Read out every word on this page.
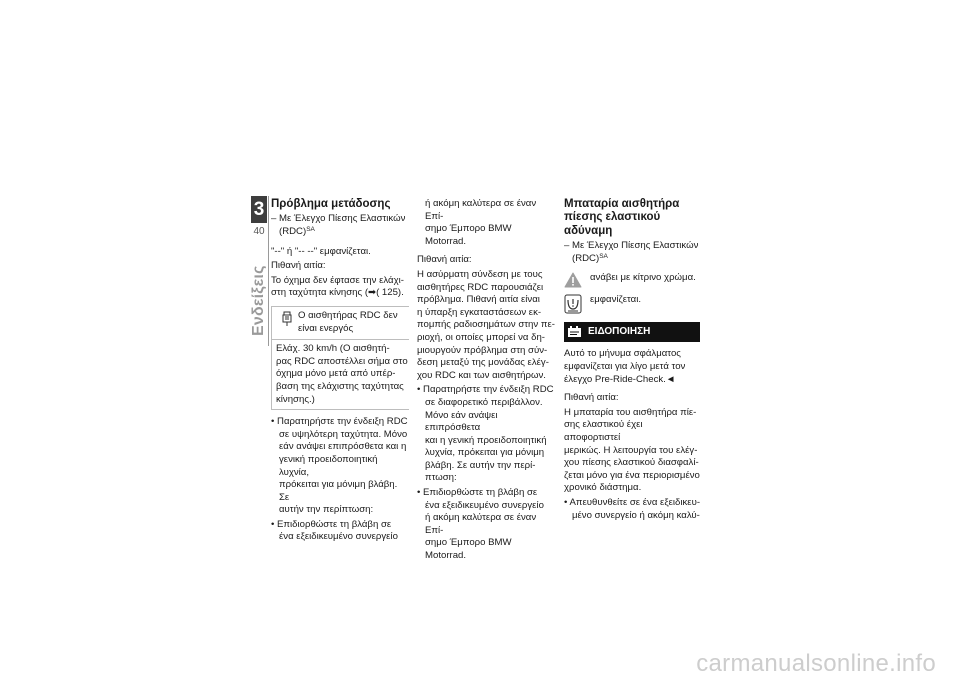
3
40
Ενδείξεις
Πρόβλημα μετάδοσης
– Με Έλεγχο Πίεσης Ελαστικών
(RDC)$^{SA}$
"--" ή "-- --" εμφανίζεται.
Πιθανή αιτία:
Το όχημα δεν έφτασε την ελάχι-
στη ταχύτητα κίνησης (➡( 125).
Ο αισθητήρας RDC δεν
είναι ενεργός
Ελάχ. 30 km/h (Ο αισθητή-
ρας RDC αποστέλλει σήμα στο
όχημα μόνο μετά από υπέρ-
βαση της ελάχιστης ταχύτητας
κίνησης.)
• Παρατηρήστε την ένδειξη RDC
σε υψηλότερη ταχύτητα. Μόνο
εάν ανάψει επιπρόσθετα και η
γενική προειδοποιητική λυχνία,
πρόκειται για μόνιμη βλάβη. Σε
αυτήν την περίπτωση:
• Επιδιορθώστε τη βλάβη σε
ένα εξειδικευμένο συνεργείο
ή ακόμη καλύτερα σε έναν Επί-
σημο Έμπορο BMW Motorrad.
Πιθανή αιτία:
Η ασύρματη σύνδεση με τους
αισθητήρες RDC παρουσιάζει
πρόβλημα. Πιθανή αιτία είναι
η ύπαρξη εγκαταστάσεων εκ-
πομπής ραδιοσημάτων στην πε-
ριοχή, οι οποίες μπορεί να δη-
μιουργούν πρόβλημα στη σύν-
δεση μεταξύ της μονάδας ελέγ-
χου RDC και των αισθητήρων.
• Παρατηρήστε την ένδειξη RDC
σε διαφορετικό περιβάλλον.
Μόνο εάν ανάψει επιπρόσθετα
και η γενική προειδοποιητική
λυχνία, πρόκειται για μόνιμη
βλάβη. Σε αυτήν την περί-
πτωση:
• Επιδιορθώστε τη βλάβη σε
ένα εξειδικευμένο συνεργείο
ή ακόμη καλύτερα σε έναν Επί-
σημο Έμπορο BMW Motorrad.
Μπαταρία αισθητήρα
πίεσης ελαστικού
αδύναμη
– Με Έλεγχο Πίεσης Ελαστικών
(RDC)$^{SA}$
ανάβει με κίτρινο χρώμα.
εμφανίζεται.
ΕΙΔΟΠΟΙΗΣΗ
Αυτό το μήνυμα σφάλματος
εμφανίζεται για λίγο μετά τον
έλεγχο Pre-Ride-Check.◄
Πιθανή αιτία:
Η μπαταρία του αισθητήρα πίε-
σης ελαστικού έχει αποφορτιστεί
μερικώς. Η λειτουργία του ελέγ-
χου πίεσης ελαστικού διασφαλί-
ζεται μόνο για ένα περιορισμένο
χρονικό διάστημα.
• Απευθυνθείτε σε ένα εξειδικευ-
μένο συνεργείο ή ακόμη καλύ-
carmanualsonline.info
